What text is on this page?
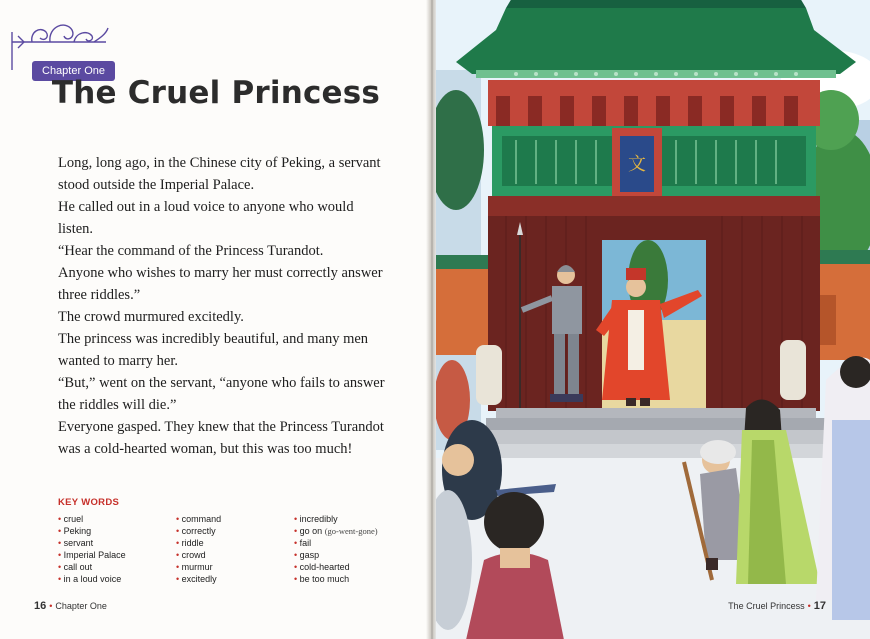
Chapter One
The Cruel Princess

Long, long ago, in the Chinese city of Peking, a servant

stood outside the Imperial Palace.

He called out in a loud voice to anyone who would

listen.

“Hear the command of the Princess Turandot.

Anyone who wishes to marry her must correctly answer

three riddles.”

The crowd murmured excitedly.

The princess was incredibly beautiful, and many men

wanted to marry her.

“But,” went on the servant, “anyone who fails to answer

the riddles will die.”

Everyone gasped. They knew that the Princess Turandot

was a cold-hearted woman, but this was too much!

KEY WORDS
• cruel
• Peking
• servant
• Imperial Palace
• call out
• in a loud voice
• command
• correctly
• riddle
• crowd
• murmur
• excitedly
• incredibly
• go on (go-went-gone)
• fail
• gasp
• cold-hearted
• be too much
16 • Chapter One
文
The Cruel Princess • 17
